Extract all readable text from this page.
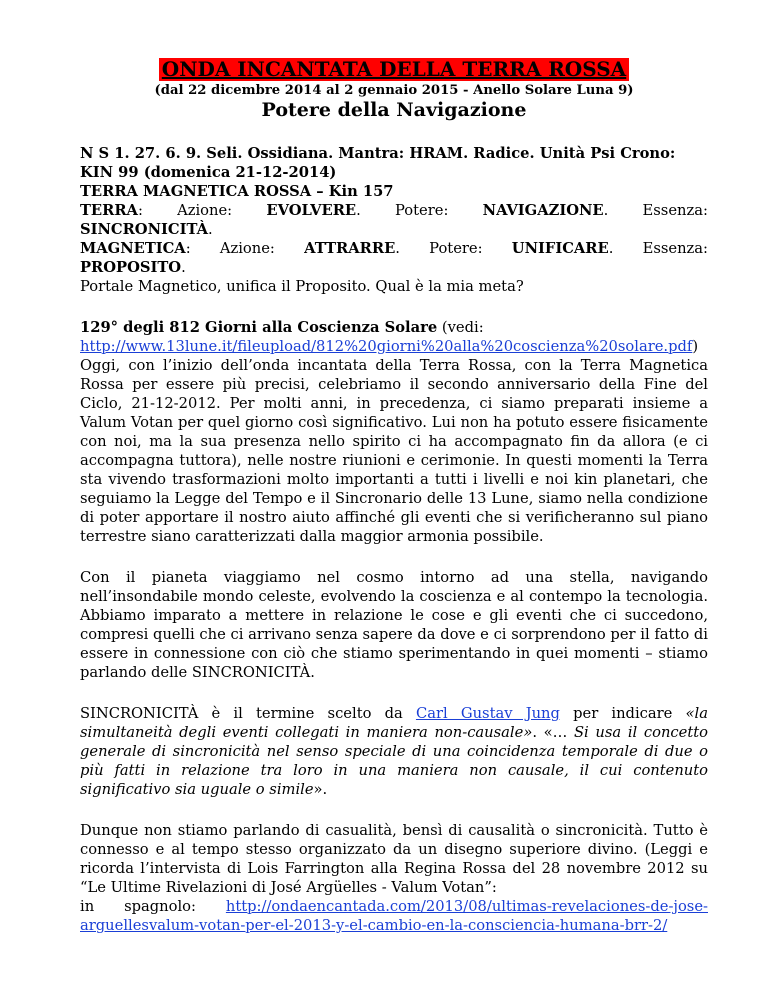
ONDA INCANTATA DELLA TERRA ROSSA
(dal 22 dicembre 2014 al 2 gennaio 2015 - Anello Solare Luna 9)
Potere della Navigazione
N S 1. 27. 6. 9. Seli. Ossidiana. Mantra: HRAM. Radice. Unità Psi Crono:
KIN 99 (domenica 21-12-2014)
TERRA MAGNETICA ROSSA – Kin 157
TERRA: Azione: EVOLVERE. Potere: NAVIGAZIONE. Essenza:
SINCRONICITÀ.
MAGNETICA: Azione: ATTRARRE. Potere: UNIFICARE. Essenza:
PROPOSITO.
Portale Magnetico, unifica il Proposito. Qual è la mia meta?
129° degli 812 Giorni alla Coscienza Solare (vedi:
http://www.13lune.it/fileupload/812%20giorni%20alla%20coscienza%20solare.pdf) Oggi, con l’inizio dell’onda incantata della Terra Rossa, con la Terra Magnetica Rossa per essere più precisi, celebriamo il secondo anniversario della Fine del Ciclo, 21-12-2012. Per molti anni, in precedenza, ci siamo preparati insieme a Valum Votan per quel giorno così significativo. Lui non ha potuto essere fisicamente con noi, ma la sua presenza nello spirito ci ha accompagnato fin da allora (e ci accompagna tuttora), nelle nostre riunioni e cerimonie. In questi momenti la Terra sta vivendo trasformazioni molto importanti a tutti i livelli e noi kin planetari, che seguiamo la Legge del Tempo e il Sincronario delle 13 Lune, siamo nella condizione di poter apportare il nostro aiuto affinché gli eventi che si verificheranno sul piano terrestre siano caratterizzati dalla maggior armonia possibile.

Con il pianeta viaggiamo nel cosmo intorno ad una stella, navigando nell’insondabile mondo celeste, evolvendo la coscienza e al contempo la tecnologia. Abbiamo imparato a mettere in relazione le cose e gli eventi che ci succedono, compresi quelli che ci arrivano senza sapere da dove e ci sorprendono per il fatto di essere in connessione con ciò che stiamo sperimentando in quei momenti – stiamo parlando delle SINCRONICITÀ.

SINCRONICITÀ è il termine scelto da Carl Gustav Jung per indicare «la simultaneità degli eventi collegati in maniera non-causale». «… Si usa il concetto generale di sincronicità nel senso speciale di una coincidenza temporale di due o più fatti in relazione tra loro in una maniera non causale, il cui contenuto significativo sia uguale o simile».
Dunque non stiamo parlando di casualità, bensì di causalità o sincronicità. Tutto è connesso e al tempo stesso organizzato da un disegno superiore divino. (Leggi e ricorda l’intervista di Lois Farrington alla Regina Rossa del 28 novembre 2012 su “Le Ultime Rivelazioni di José Argüelles - Valum Votan”:
in spagnolo: http://ondaencantada.com/2013/08/ultimas-revelaciones-de-jose-arguellesvalum-votan-per-el-2013-y-el-cambio-en-la-consciencia-humana-brr-2/
